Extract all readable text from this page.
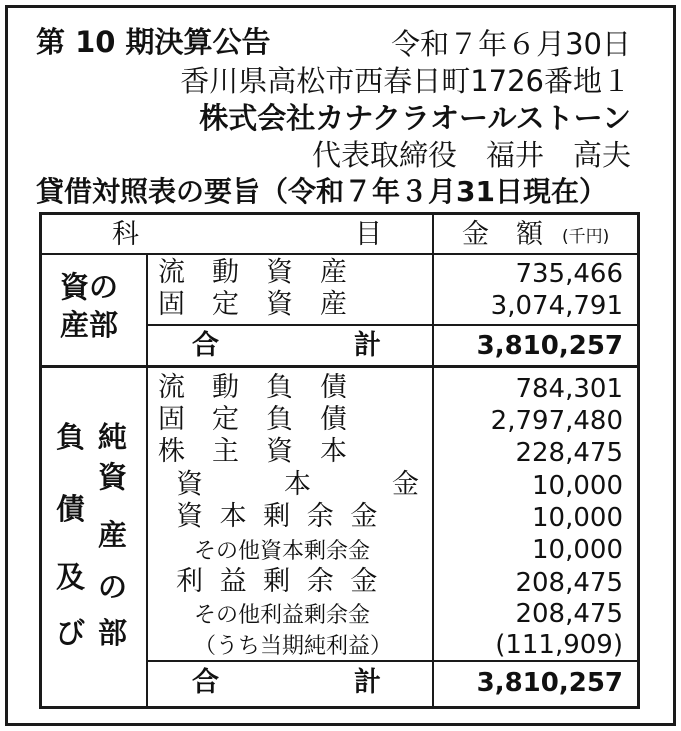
第 10 期決算公告	令和７年６月30日
香川県高松市西春日町1726番地１
株式会社カナクラオールストーン
代表取締役　福井　高夫
貸借対照表の要旨（令和７年３月31日現在）
科　　　　　　　　目	金　額 (千円)
資の
産部
流　動　資　産	735,466
固　定　資　産	3,074,791
合　　　　　計	3,810,257
負
債
及
び
純
資
産
の
部
流　動　負　債	784,301
固　定　負　債	2,797,480
株　主　資　本	228,475
資　　　本　　　金	10,000
資 本 剰 余 金	10,000
その他資本剰余金	10,000
利 益 剰 余 金	208,475
その他利益剰余金	208,475
（うち当期純利益）	(111,909)
合　　　　　計	3,810,257
